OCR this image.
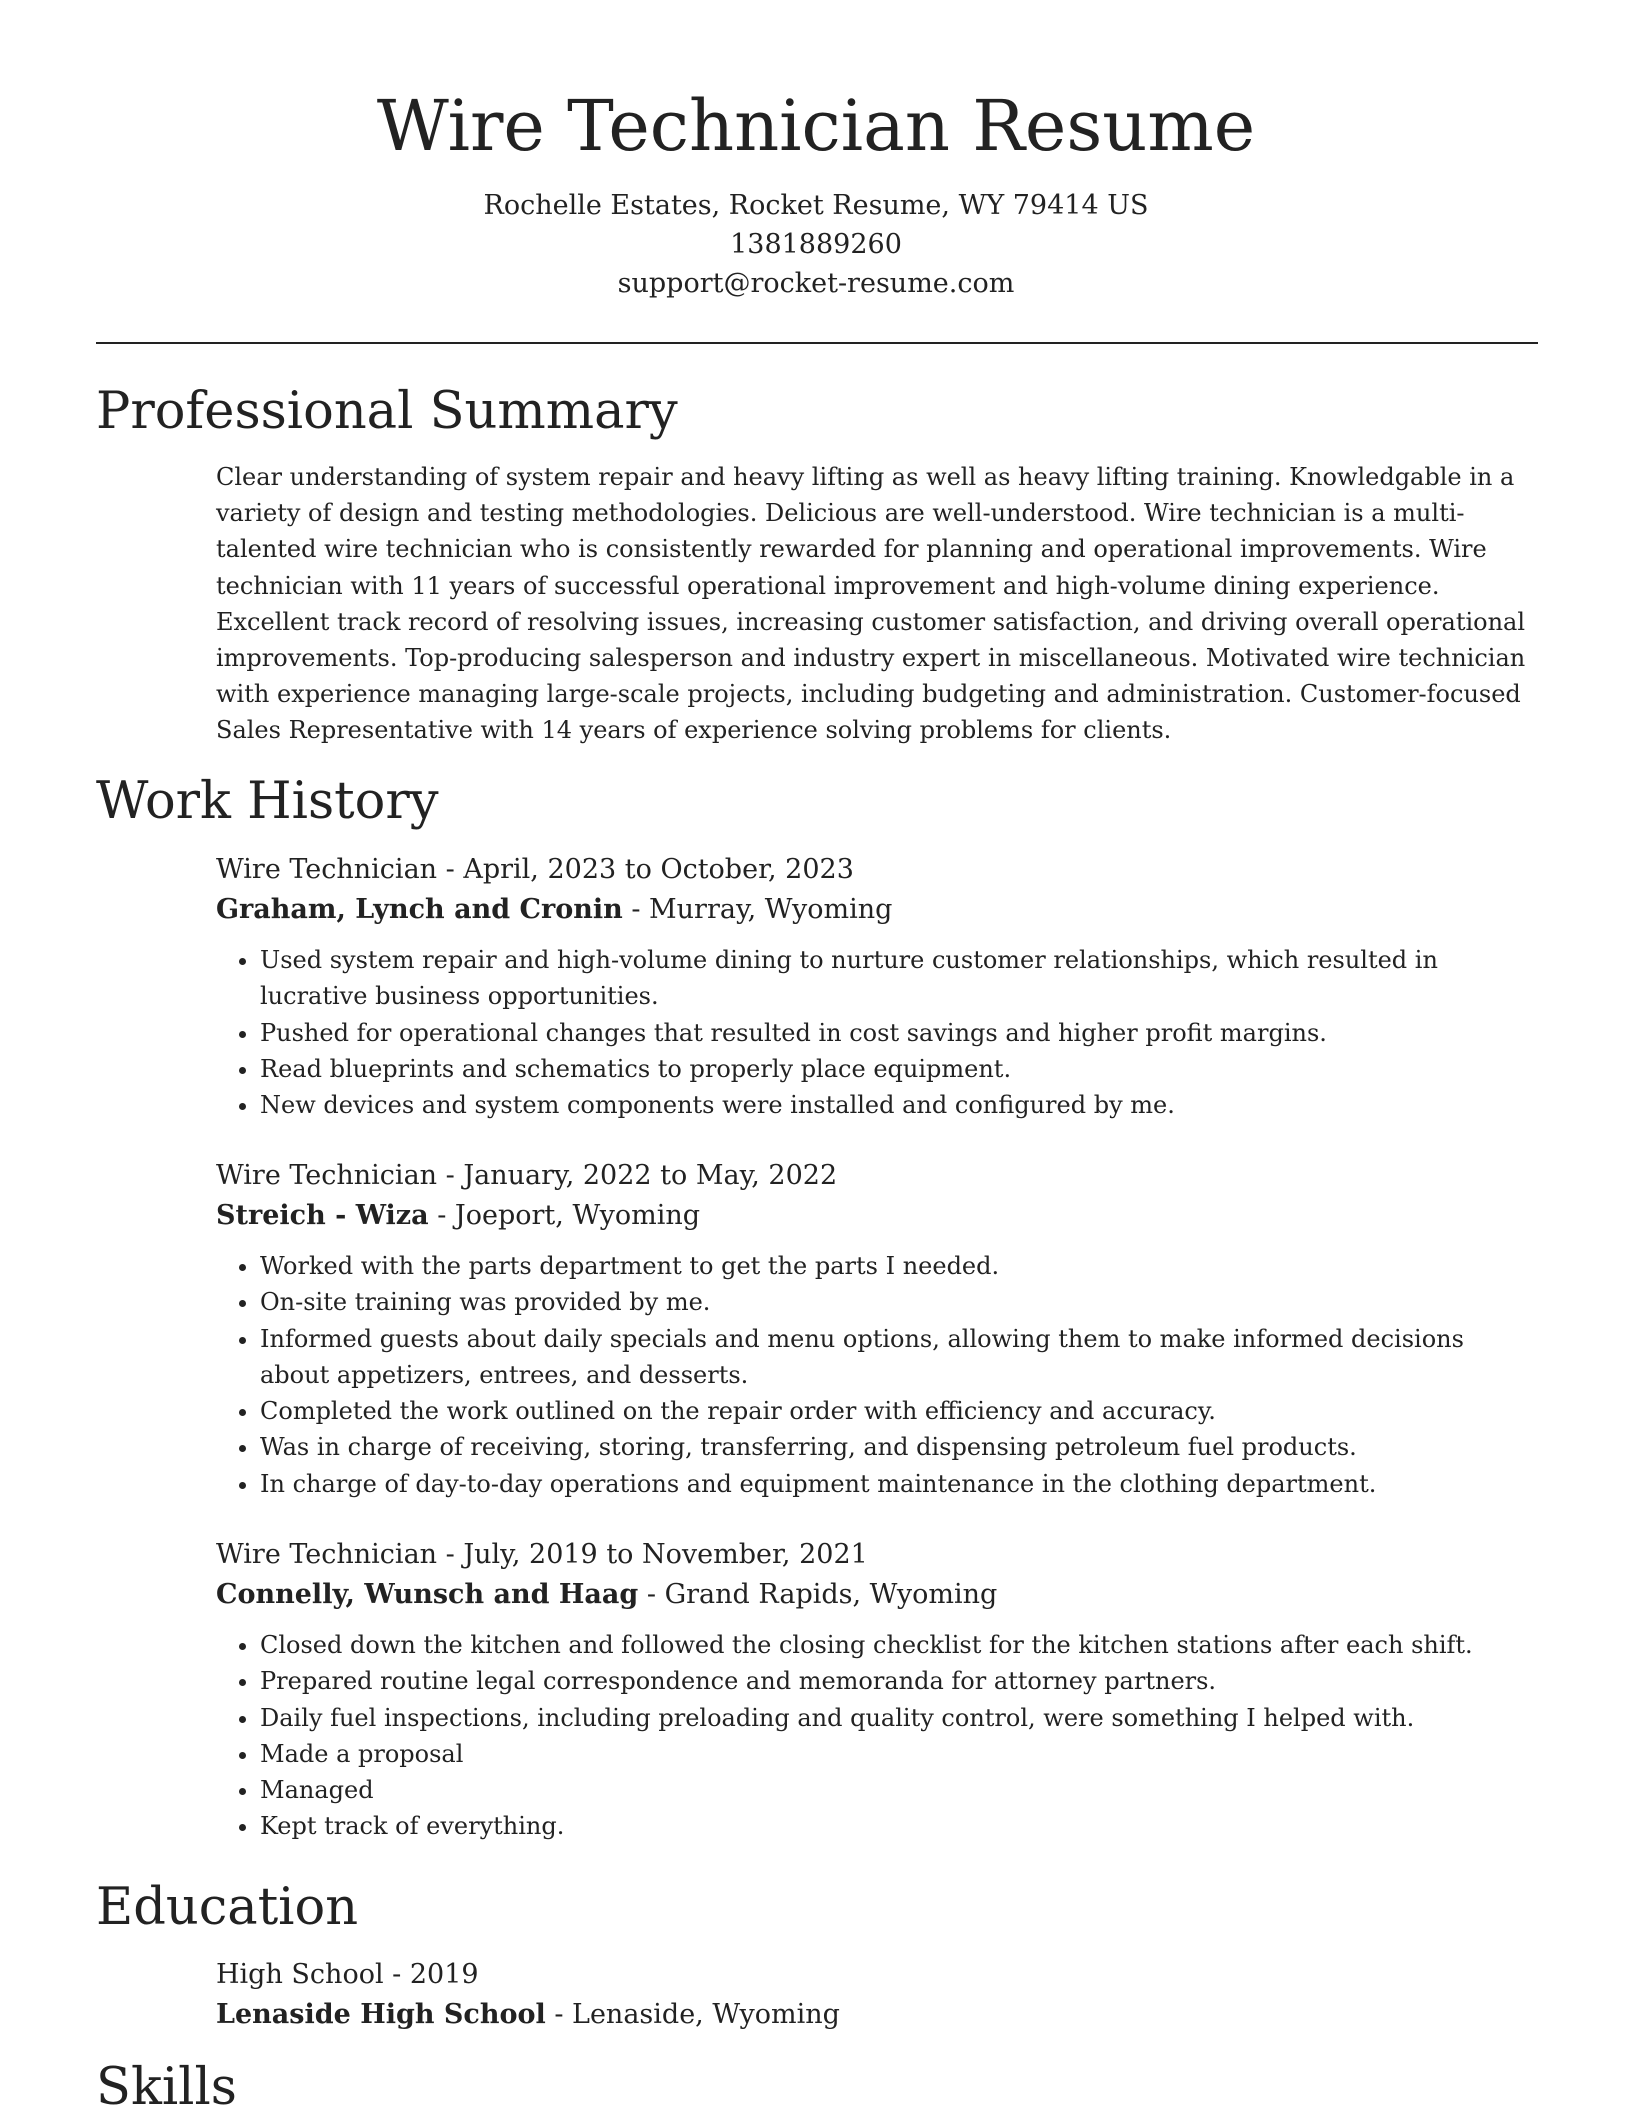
Wire Technician Resume
Rochelle Estates, Rocket Resume, WY 79414 US
1381889260
support@rocket-resume.com
Professional Summary

Clear understanding of system repair and heavy lifting as well as heavy lifting training. Knowledgable in a variety of design and testing methodologies. Delicious are well-understood. Wire technician is a multi-talented wire technician who is consistently rewarded for planning and operational improvements. Wire technician with 11 years of successful operational improvement and high-volume dining experience. Excellent track record of resolving issues, increasing customer satisfaction, and driving overall operational improvements. Top-producing salesperson and industry expert in miscellaneous. Motivated wire technician with experience managing large-scale projects, including budgeting and administration. Customer-focused Sales Representative with 14 years of experience solving problems for clients.

Work History
Wire Technician - April, 2023 to October, 2023
Graham, Lynch and Cronin - Murray, Wyoming
• Used system repair and high-volume dining to nurture customer relationships, which resulted in lucrative business opportunities.
• Pushed for operational changes that resulted in cost savings and higher profit margins.
• Read blueprints and schematics to properly place equipment.
• New devices and system components were installed and configured by me.
Wire Technician - January, 2022 to May, 2022
Streich - Wiza - Joeport, Wyoming
• Worked with the parts department to get the parts I needed.
• On-site training was provided by me.
• Informed guests about daily specials and menu options, allowing them to make informed decisions about appetizers, entrees, and desserts.
• Completed the work outlined on the repair order with efficiency and accuracy.
• Was in charge of receiving, storing, transferring, and dispensing petroleum fuel products.
• In charge of day-to-day operations and equipment maintenance in the clothing department.
Wire Technician - July, 2019 to November, 2021
Connelly, Wunsch and Haag - Grand Rapids, Wyoming
• Closed down the kitchen and followed the closing checklist for the kitchen stations after each shift.
• Prepared routine legal correspondence and memoranda for attorney partners.
• Daily fuel inspections, including preloading and quality control, were something I helped with.
• Made a proposal
• Managed
• Kept track of everything.
Education
High School - 2019
Lenaside High School - Lenaside, Wyoming
Skills
